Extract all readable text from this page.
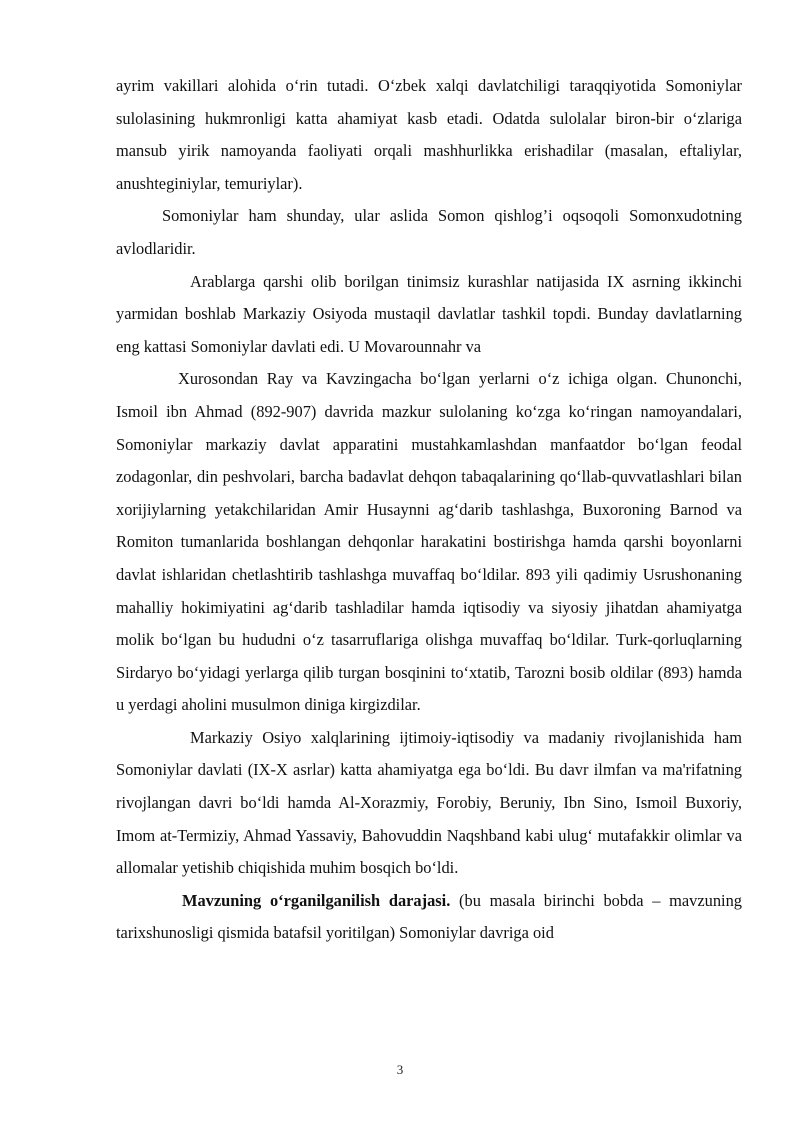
ayrim vakillari alohida o‘rin tutadi. O‘zbek xalqi davlatchiligi taraqqiyotida Somoniylar sulolasining hukmronligi katta ahamiyat kasb etadi. Odatda sulolalar biron-bir o‘zlariga mansub yirik namoyanda faoliyati orqali mashhurlikka erishadilar (masalan, eftaliylar, anushteginiylar, temuriylar).

Somoniylar ham shunday, ular aslida Somon qishlog’i oqsoqoli Somonxudotning avlodlaridir.

Arablarga qarshi olib borilgan tinimsiz kurashlar natijasida IX asrning ikkinchi yarmidan boshlab Markaziy Osiyoda mustaqil davlatlar tashkil topdi. Bunday davlatlarning eng kattasi Somoniylar davlati edi. U Movarounnahr va

Xurosondan Ray va Kavzingacha bo‘lgan yerlarni o‘z ichiga olgan. Chunonchi, Ismoil ibn Ahmad (892-907) davrida mazkur sulolaning ko‘zga ko‘ringan namoyandalari, Somoniylar markaziy davlat apparatini mustahkamlashdan manfaatdor bo‘lgan feodal zodagonlar, din peshvolari, barcha badavlat dehqon tabaqalarining qo‘llab-quvvatlashlari bilan xorijiylarning yetakchilaridan Amir Husaynni ag‘darib tashlashga, Buxoroning Barnod va Romiton tumanlarida boshlangan dehqonlar harakatini bostirishga hamda qarshi boyonlarni davlat ishlaridan chetlashtirib tashlashga muvaffaq bo‘ldilar. 893 yili qadimiy Usrushonaning mahalliy hokimiyatini ag‘darib tashladilar hamda iqtisodiy va siyosiy jihatdan ahamiyatga molik bo‘lgan bu hududni o‘z tasarruflariga olishga muvaffaq bo‘ldilar. Turk-qorluqlarning Sirdaryo bo‘yidagi yerlarga qilib turgan bosqinini to‘xtatib, Tarozni bosib oldilar (893) hamda u yerdagi aholini musulmon diniga kirgizdilar.

Markaziy Osiyo xalqlarining ijtimoiy-iqtisodiy va madaniy rivojlanishida ham Somoniylar davlati (IX-X asrlar) katta ahamiyatga ega bo‘ldi. Bu davr ilmfan va ma'rifatning rivojlangan davri bo‘ldi hamda Al-Xorazmiy, Forobiy, Beruniy, Ibn Sino, Ismoil Buxoriy, Imom at-Termiziy, Ahmad Yassaviy, Bahovuddin Naqshband kabi ulug‘ mutafakkir olimlar va allomalar yetishib chiqishida muhim bosqich bo‘ldi.

Mavzuning o‘rganilganilish darajasi. (bu masala birinchi bobda – mavzuning tarixshunosligi qismida batafsil yoritilgan) Somoniylar davriga oid

3
